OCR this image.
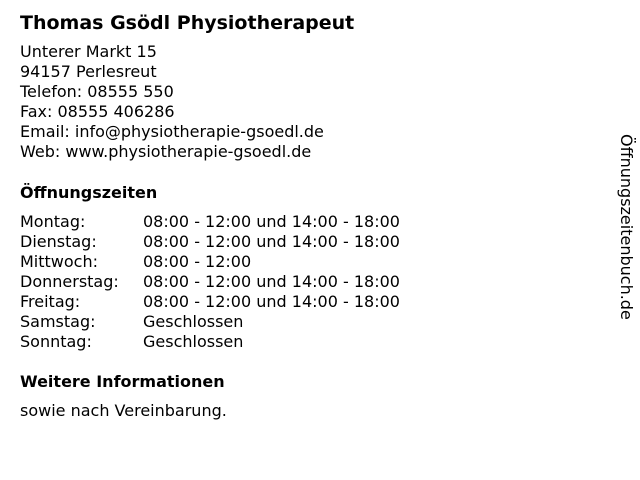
Thomas Gsödl Physiotherapeut
Unterer Markt 15
94157 Perlesreut
Telefon: 08555 550
Fax: 08555 406286
Email: info@physiotherapie-gsoedl.de
Web: www.physiotherapie-gsoedl.de
Öffnungszeiten
Montag:	08:00 - 12:00 und 14:00 - 18:00
Dienstag:	08:00 - 12:00 und 14:00 - 18:00
Mittwoch:	08:00 - 12:00
Donnerstag:	08:00 - 12:00 und 14:00 - 18:00
Freitag:	08:00 - 12:00 und 14:00 - 18:00
Samstag:	Geschlossen
Sonntag:	Geschlossen
Weitere Informationen
sowie nach Vereinbarung.
Öffnungszeitenbuch.de
